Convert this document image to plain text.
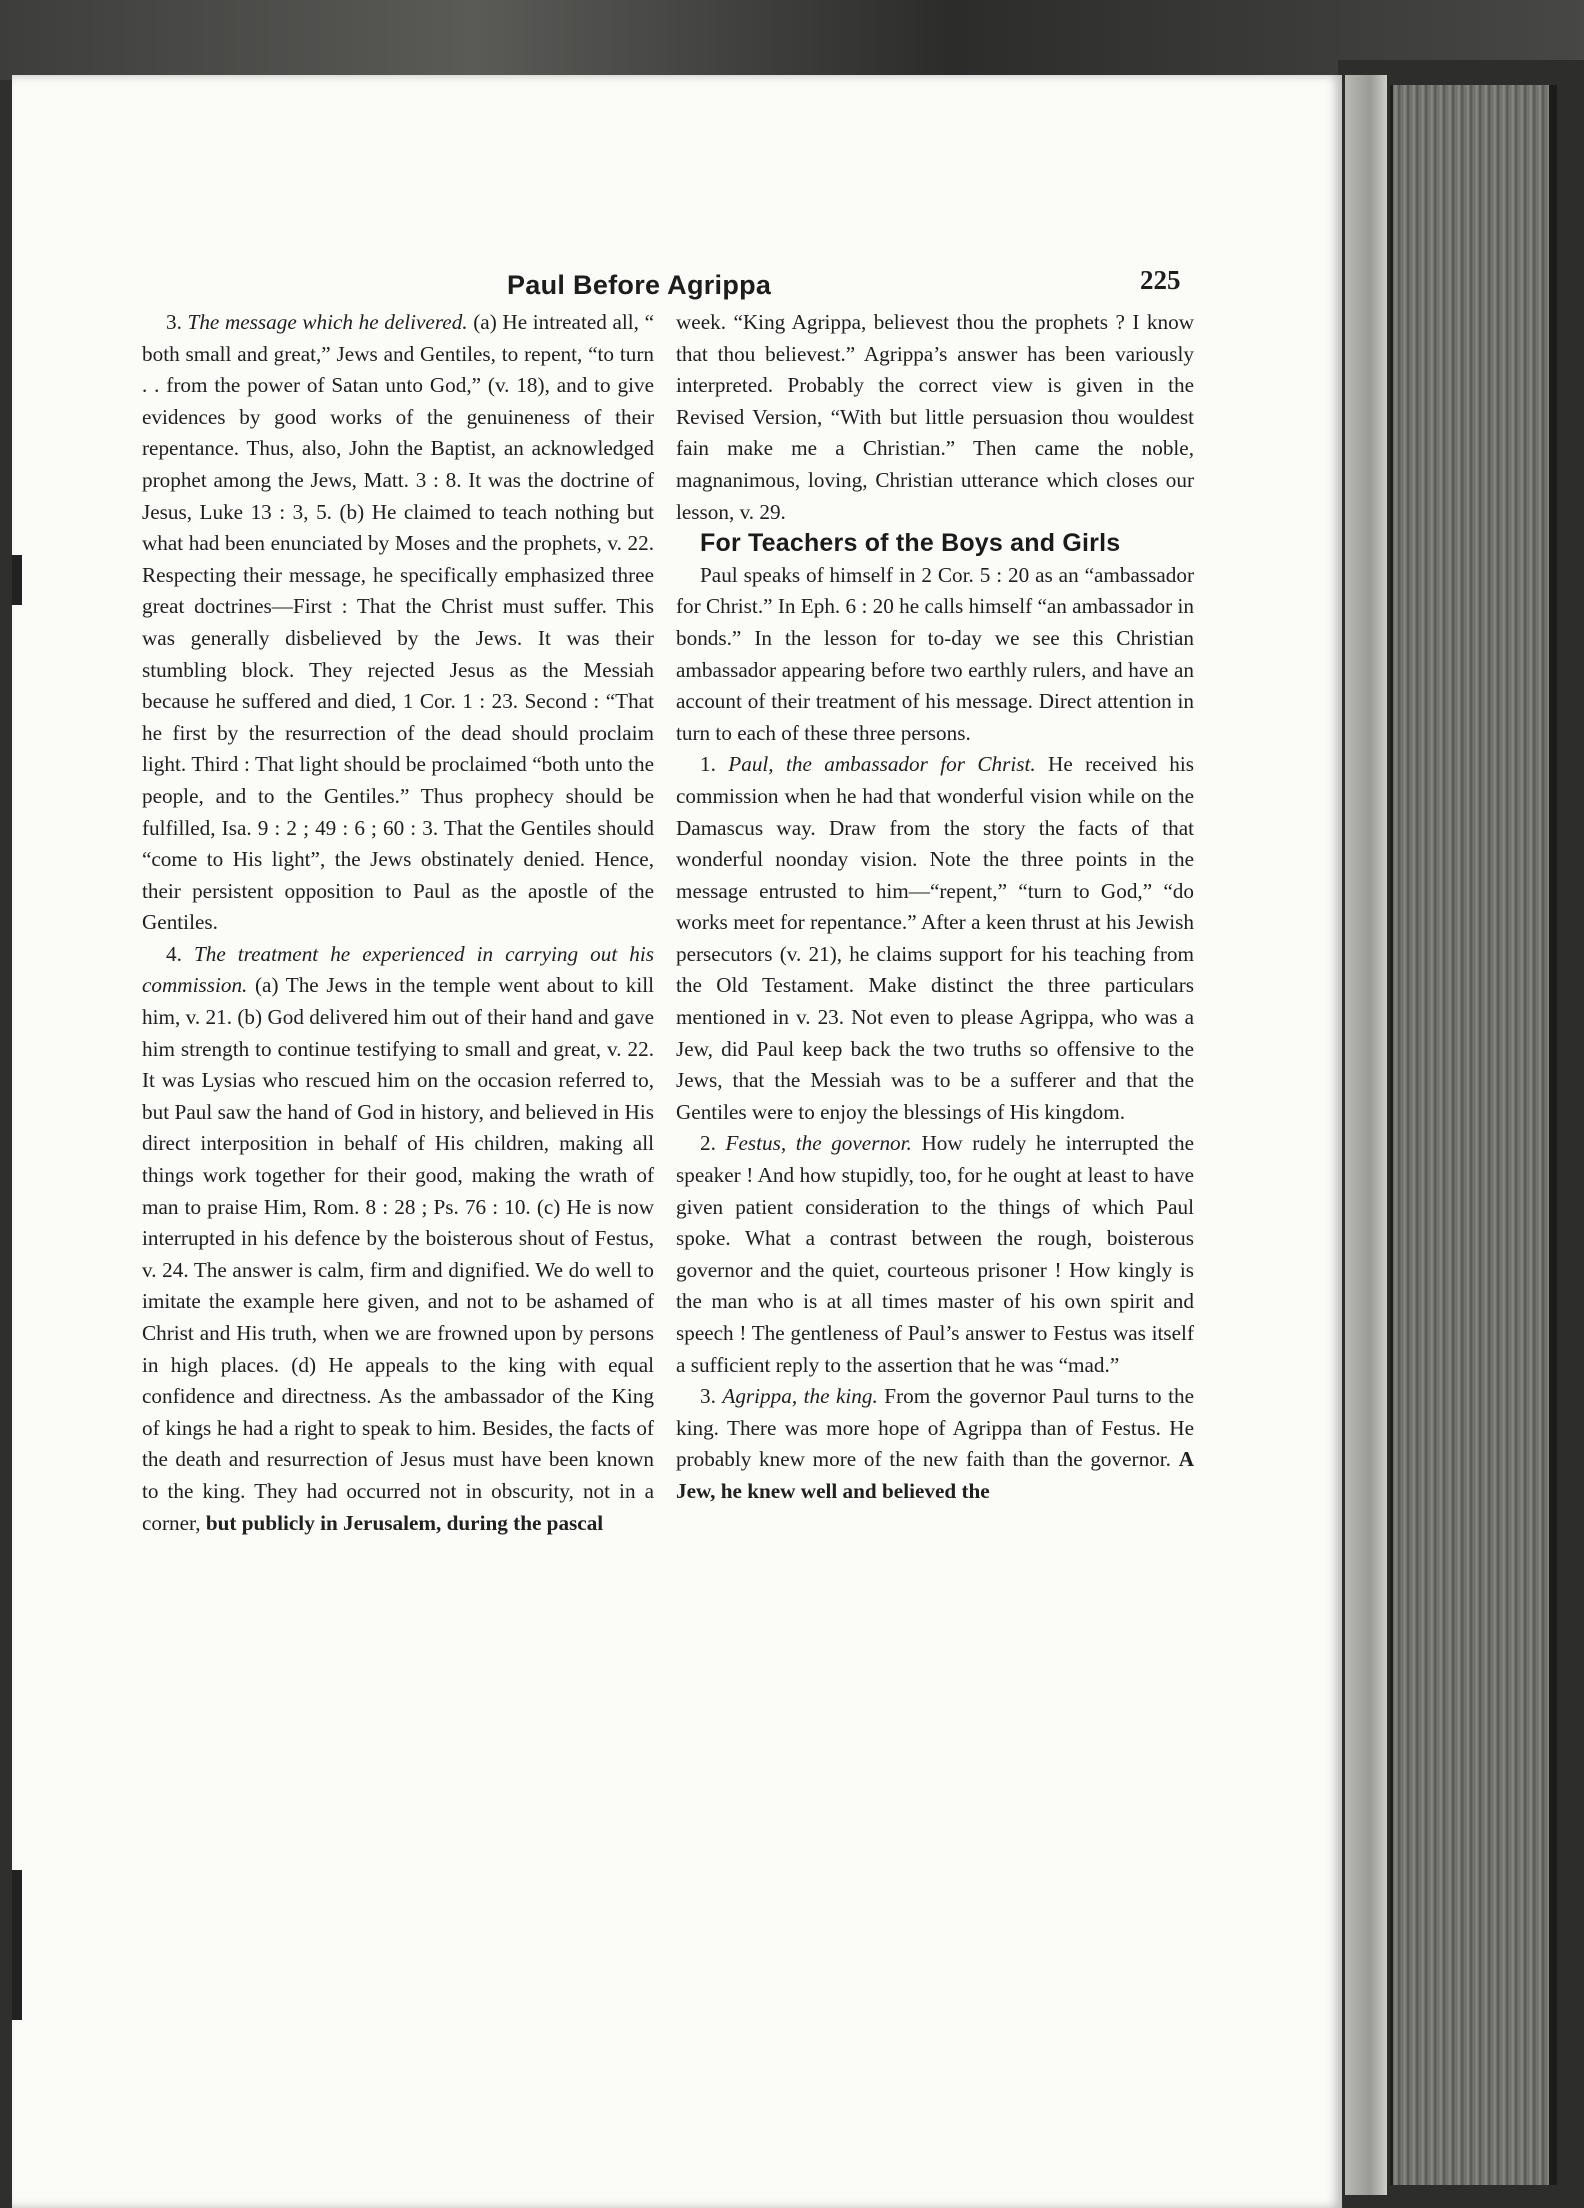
Paul Before Agrippa	225

3. The message which he delivered. (a) He intreated all, “ both small and great,” Jews and Gentiles, to repent, “to turn . . from the power of Satan unto God,” (v. 18), and to give evidences by good works of the genuineness of their repentance. Thus, also, John the Baptist, an acknowledged prophet among the Jews, Matt. 3 : 8. It was the doctrine of Jesus, Luke 13 : 3, 5. (b) He claimed to teach nothing but what had been enunciated by Moses and the prophets, v. 22. Respecting their message, he specifically emphasized three great doctrines—First : That the Christ must suffer. This was generally disbelieved by the Jews. It was their stumbling block. They rejected Jesus as the Messiah because he suffered and died, 1 Cor. 1 : 23. Second : “That he first by the resurrection of the dead should proclaim light. Third : That light should be proclaimed “both unto the people, and to the Gentiles.” Thus prophecy should be fulfilled, Isa. 9 : 2 ; 49 : 6 ; 60 : 3. That the Gentiles should “come to His light”, the Jews obstinately denied. Hence, their persistent opposition to Paul as the apostle of the Gentiles.

4. The treatment he experienced in carrying out his commission. (a) The Jews in the temple went about to kill him, v. 21. (b) God delivered him out of their hand and gave him strength to continue testifying to small and great, v. 22. It was Lysias who rescued him on the occasion referred to, but Paul saw the hand of God in history, and believed in His direct interposition in behalf of His children, making all things work together for their good, making the wrath of man to praise Him, Rom. 8 : 28 ; Ps. 76 : 10. (c) He is now interrupted in his defence by the boisterous shout of Festus, v. 24. The answer is calm, firm and dignified. We do well to imitate the example here given, and not to be ashamed of Christ and His truth, when we are frowned upon by persons in high places. (d) He appeals to the king with equal confidence and directness. As the ambassador of the King of kings he had a right to speak to him. Besides, the facts of the death and resurrection of Jesus must have been known to the king. They had occurred not in obscurity, not in a corner, but publicly in Jerusalem, during the pascal

week. “King Agrippa, believest thou the prophets ? I know that thou believest.” Agrippa’s answer has been variously interpreted. Probably the correct view is given in the Revised Version, “With but little persuasion thou wouldest fain make me a Christian.” Then came the noble, magnanimous, loving, Christian utterance which closes our lesson, v. 29.

For Teachers of the Boys and Girls

Paul speaks of himself in 2 Cor. 5 : 20 as an “ambassador for Christ.” In Eph. 6 : 20 he calls himself “an ambassador in bonds.” In the lesson for to-day we see this Christian ambassador appearing before two earthly rulers, and have an account of their treatment of his message. Direct attention in turn to each of these three persons.

1. Paul, the ambassador for Christ. He received his commission when he had that wonderful vision while on the Damascus way. Draw from the story the facts of that wonderful noonday vision. Note the three points in the message entrusted to him—“repent,” “turn to God,” “do works meet for repentance.” After a keen thrust at his Jewish persecutors (v. 21), he claims support for his teaching from the Old Testament. Make distinct the three particulars mentioned in v. 23. Not even to please Agrippa, who was a Jew, did Paul keep back the two truths so offensive to the Jews, that the Messiah was to be a sufferer and that the Gentiles were to enjoy the blessings of His kingdom.

2. Festus, the governor. How rudely he interrupted the speaker ! And how stupidly, too, for he ought at least to have given patient consideration to the things of which Paul spoke. What a contrast between the rough, boisterous governor and the quiet, courteous prisoner ! How kingly is the man who is at all times master of his own spirit and speech ! The gentleness of Paul’s answer to Festus was itself a sufficient reply to the assertion that he was “mad.”

3. Agrippa, the king. From the governor Paul turns to the king. There was more hope of Agrippa than of Festus. He probably knew more of the new faith than the governor. A Jew, he knew well and believed the
